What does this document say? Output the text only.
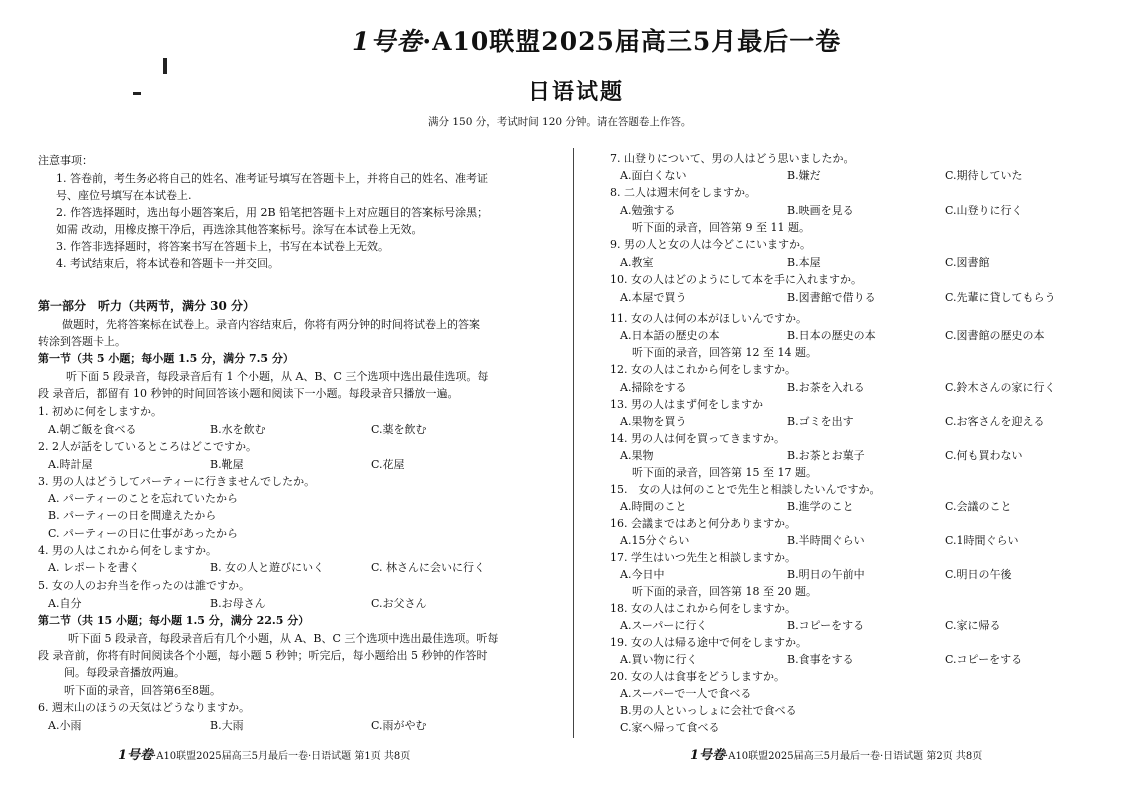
1号卷·A10联盟2025届高三5月最后一卷
日语试题
满分 150 分，考试时间 120 分钟。请在答题卷上作答。
注意事项：
1. 答卷前，考生务必将自己的姓名、准考证号填写在答题卡上，并将自己的姓名、准考证
号、座位号填写在本试卷上.
2. 作答选择题时，选出每小题答案后，用 2B 铅笔把答题卡上对应题目的答案标号涂黑；
如需 改动，用橡皮擦干净后，再选涂其他答案标号。涂写在本试卷上无效。
3. 作答非选择题时，将答案书写在答题卡上，书写在本试卷上无效。
4. 考试结束后，将本试卷和答题卡一并交回。
第一部分　听力（共两节，满分 30 分）
做题时，先将答案标在试卷上。录音内容结束后，你将有两分钟的时间将试卷上的答案
转涂到答题卡上。
第一节（共 5 小题；每小题 1.5 分，满分 7.5 分）
听下面 5 段录音，每段录音后有 1 个小题，从 A、B、C 三个选项中选出最佳选项。每
段 录音后，都留有 10 秒钟的时间回答该小题和阅读下一小题。每段录音只播放一遍。
1. 初めに何をしますか。
A.朝ご飯を食べる	B.水を飲む	C.薬を飲む
2. 2人が話をしているところはどこですか。
A.時計屋	B.靴屋	C.花屋
3. 男の人はどうしてパーティーに行きませんでしたか。
A. パーティーのことを忘れていたから
B. パーティーの日を間違えたから
C. パーティーの日に仕事があったから
4. 男の人はこれから何をしますか。
A. レポートを書く	B. 女の人と遊びにいく	C. 林さんに会いに行く
5. 女の人のお弁当を作ったのは誰ですか。
A.自分	B.お母さん	C.お父さん
第二节（共 15 小题；每小题 1.5 分，满分 22.5 分）
听下面 5 段录音，每段录音后有几个小题，从 A、B、C 三个选项中选出最佳选项。听每
段 录音前，你将有时间阅读各个小题，每小题 5 秒钟；听完后，每小题给出 5 秒钟的作答时
间。每段录音播放两遍。
听下面的录音，回答第6至8题。
6. 週末山のほうの天気はどうなりますか。
A.小雨	B.大雨	C.雨がやむ
7. 山登りについて、男の人はどう思いましたか。
A.面白くない	B.嫌だ	C.期待していた
8. 二人は週末何をしますか。
A.勉強する	B.映画を見る	C.山登りに行く
听下面的录音，回答第 9 至 11 题。
9. 男の人と女の人は今どこにいますか。
A.教室	B.本屋	C.図書館
10. 女の人はどのようにして本を手に入れますか。
A.本屋で買う	B.図書館で借りる	C.先輩に貸してもらう
11. 女の人は何の本がほしいんですか。
A.日本語の歴史の本	B.日本の歴史の本	C.図書館の歴史の本
听下面的录音，回答第 12 至 14 题。
12. 女の人はこれから何をしますか。
A.掃除をする	B.お茶を入れる	C.鈴木さんの家に行く
13. 男の人はまず何をしますか
A.果物を買う	B.ゴミを出す	C.お客さんを迎える
14. 男の人は何を買ってきますか。
A.果物	B.お茶とお菓子	C.何も買わない
听下面的录音，回答第 15 至 17 题。
15.　女の人は何のことで先生と相談したいんですか。
A.時間のこと	B.進学のこと	C.会議のこと
16. 会議まではあと何分ありますか。
A.15分ぐらい	B.半時間ぐらい	C.1時間ぐらい
17. 学生はいつ先生と相談しますか。
A.今日中	B.明日の午前中	C.明日の午後
听下面的录音，回答第 18 至 20 题。
18. 女の人はこれから何をしますか。
A.スーパーに行く	B.コピーをする	C.家に帰る
19. 女の人は帰る途中で何をしますか。
A.買い物に行く	B.食事をする	C.コピーをする
20. 女の人は食事をどうしますか。
A.スーパーで一人で食べる
B.男の人といっしょに会社で食べる
C.家へ帰って食べる
1号卷·A10联盟2025届高三5月最后一卷·日语试题 第1页 共8页	1号卷·A10联盟2025届高三5月最后一卷·日语试题 第2页 共8页
